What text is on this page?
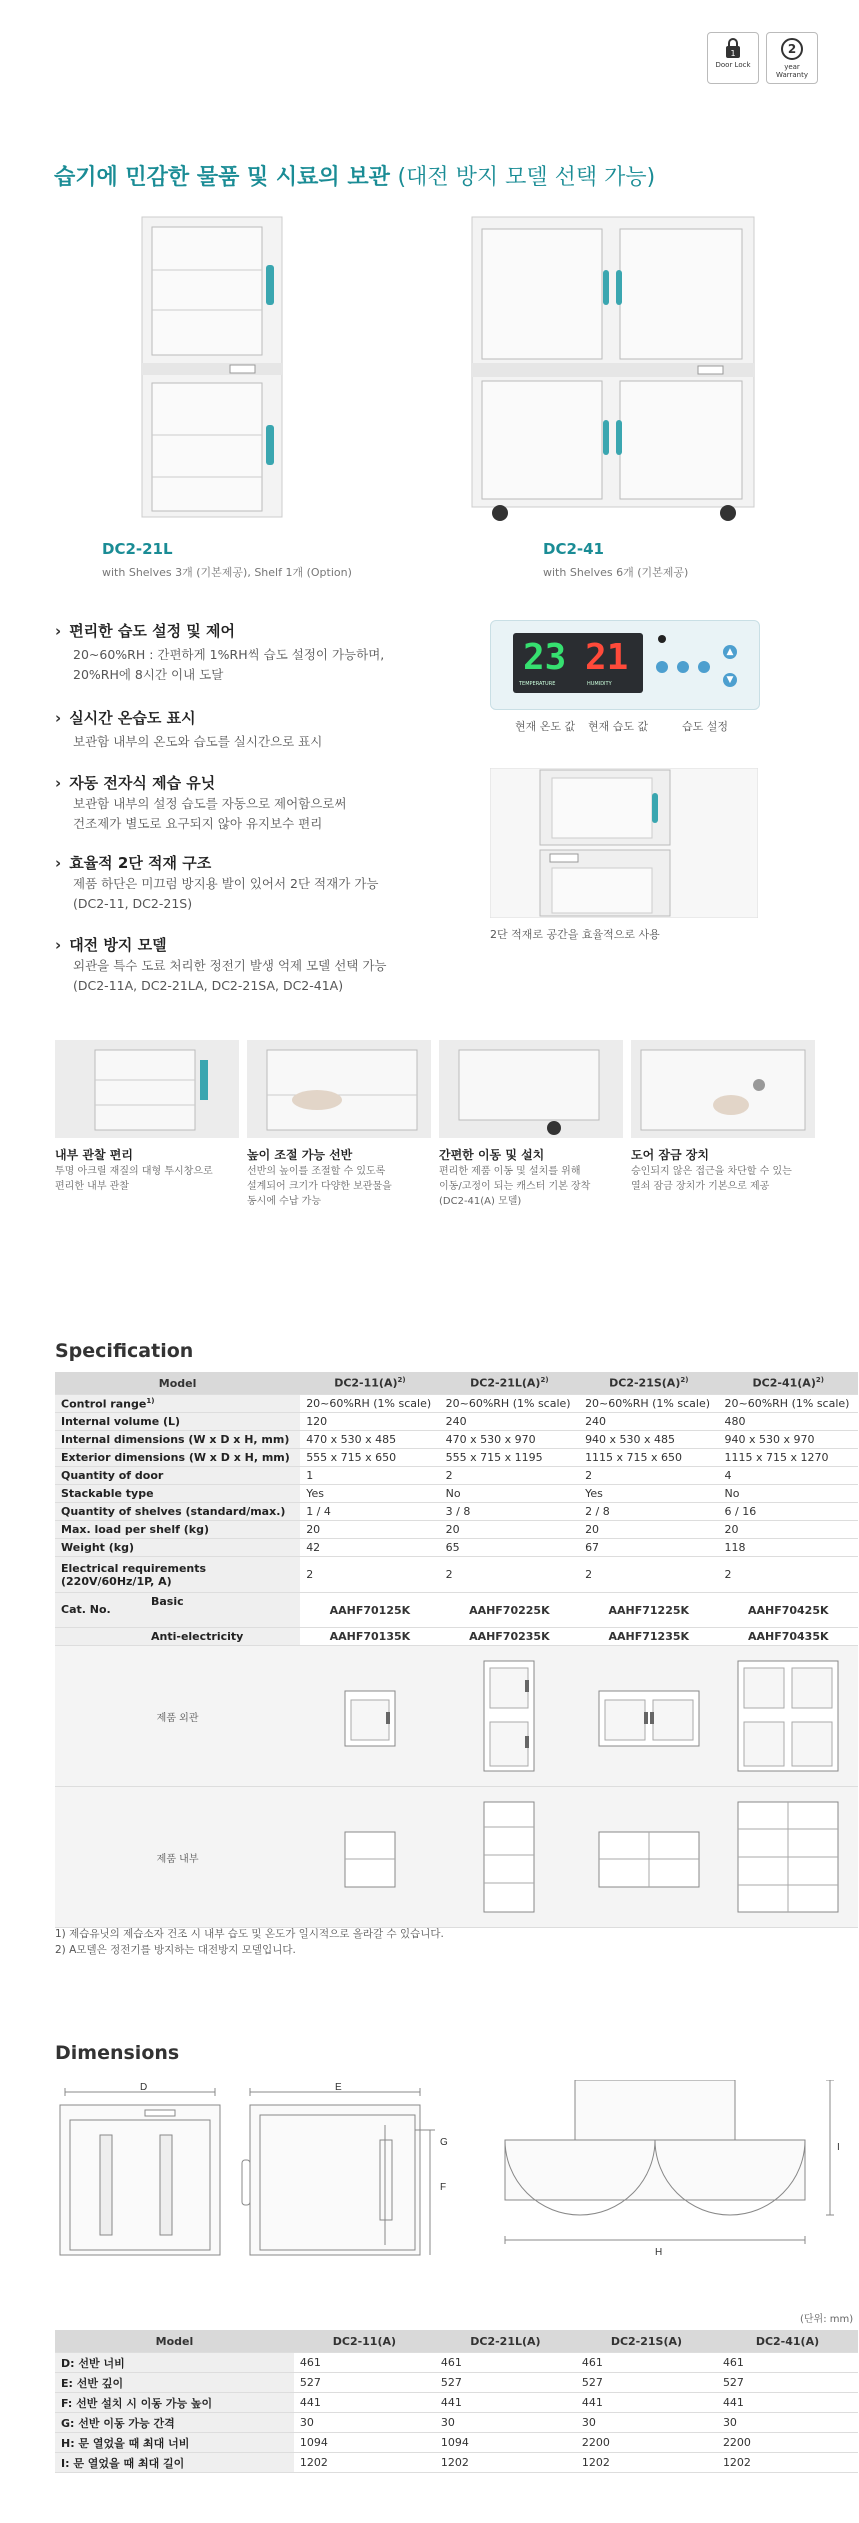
1
Door Lock
2
year Warranty
습기에 민감한 물품 및 시료의 보관 (대전 방지 모델 선택 가능)
DC2-21L
with Shelves 3개 (기본제공), Shelf 1개 (Option)
DC2-41
with Shelves 6개 (기본제공)
› 편리한 습도 설정 및 제어
20~60%RH : 간편하게 1%RH씩 습도 설정이 가능하며,
20%RH에 8시간 이내 도달
› 실시간 온습도 표시
보관함 내부의 온도와 습도를 실시간으로 표시
› 자동 전자식 제습 유닛
보관함 내부의 설정 습도를 자동으로 제어함으로써
건조제가 별도로 요구되지 않아 유지보수 편리
› 효율적 2단 적재 구조
제품 하단은 미끄럼 방지용 발이 있어서 2단 적재가 가능
(DC2-11, DC2-21S)
› 대전 방지 모델
외관을 특수 도료 처리한 정전기 발생 억제 모델 선택 가능
(DC2-11A, DC2-21LA, DC2-21SA, DC2-41A)
23 21
TEMPERATURE	HUMIDITY
▲
▼
현재 온도 값 현재 습도 값	습도 설정
2단 적재로 공간을 효율적으로 사용
내부 관찰 편리
투명 아크릴 재질의 대형 투시창으로
편리한 내부 관찰
높이 조절 가능 선반
선반의 높이를 조절할 수 있도록
설계되어 크기가 다양한 보관물을
동시에 수납 가능
간편한 이동 및 설치
편리한 제품 이동 및 설치를 위해
이동/고정이 되는 캐스터 기본 장착
(DC2-41(A) 모델)
도어 잠금 장치
승인되지 않은 접근을 차단할 수 있는
열쇠 잠금 장치가 기본으로 제공
Specification
Model	$DC2-11(A)^{2)}$	$DC2-21L(A)^{2)}$	$DC2-21S(A)^{2)}$	$DC2-41(A)^{2)}$
Control range$^{1)}$	20~60%RH (1% scale)	20~60%RH (1% scale)	20~60%RH (1% scale)	20~60%RH (1% scale)
Internal volume (L)	120	240	240	480
Internal dimensions (W x D x H, mm)	470 x 530 x 485	470 x 530 x 970	940 x 530 x 485	940 x 530 x 970
Exterior dimensions (W x D x H, mm)	555 x 715 x 650	555 x 715 x 1195	1115 x 715 x 650	1115 x 715 x 1270
Quantity of door	1	2	2	4
Stackable type	Yes	No	Yes	No
Quantity of shelves (standard/max.)	1 / 4	3 / 8	2 / 8	6 / 16
Max. load per shelf (kg)	20	20	20	20
Weight (kg)	42	65	67	118
Electrical requirements (220V/60Hz/1P, A)	2	2	2	2

Cat. No.
Basic	AAHF70125K	AAHF70225K	AAHF71225K	AAHF70425K
Anti-electricity	AAHF70135K	AAHF70235K	AAHF71235K	AAHF70435K
제품 외관	

제품 내부	

1) 제습유닛의 제습소자 건조 시 내부 습도 및 온도가 일시적으로 올라갈 수 있습니다.
2) A모델은 정전기를 방지하는 대전방지 모델입니다.
Dimensions
D	E
F
G
H
I
(단위: mm)
Model	DC2-11(A)	DC2-21L(A)	DC2-21S(A)	DC2-41(A)
D: 선반 너비	461	461	461	461
E: 선반 깊이	527	527	527	527
F: 선반 설치 시 이동 가능 높이	441	441	441	441
G: 선반 이동 가능 간격	30	30	30	30
H: 문 열었을 때 최대 너비	1094	1094	2200	2200
I: 문 열었을 때 최대 길이	1202	1202	1202	1202
